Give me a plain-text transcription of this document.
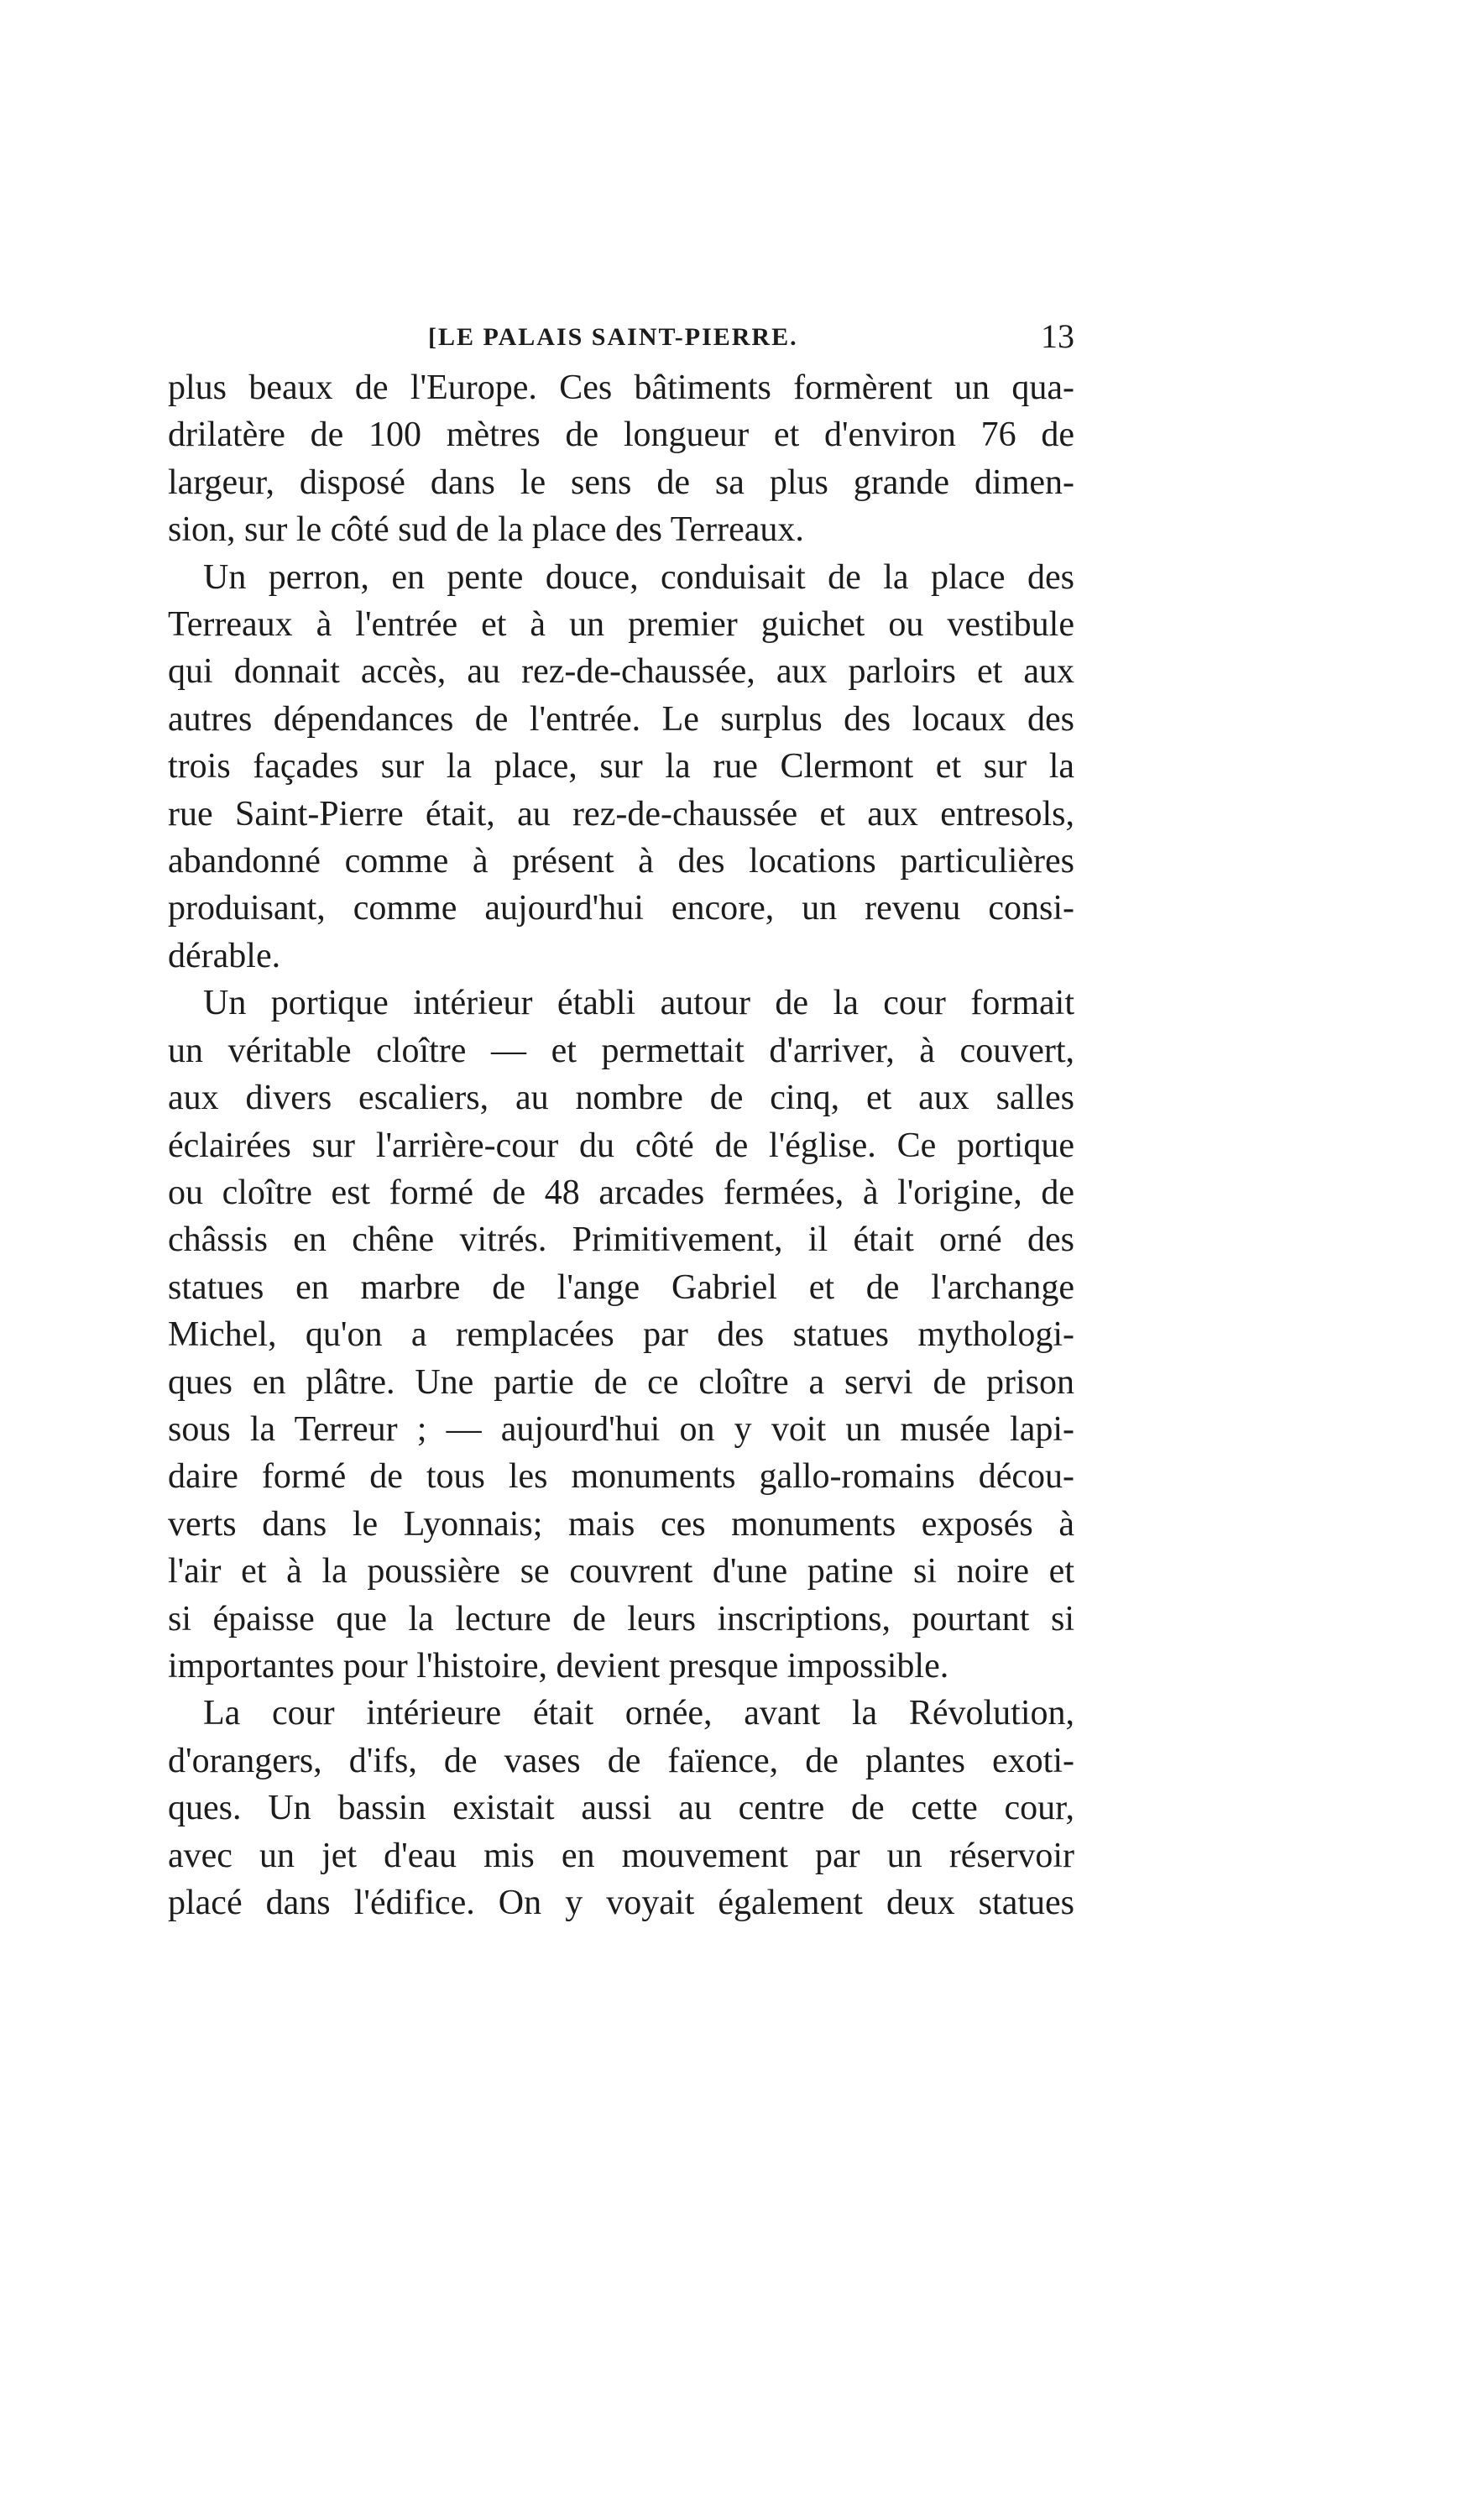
[LE PALAIS SAINT-PIERRE.	13

plus beaux de l'Europe. Ces bâtiments formèrent un qua-
drilatère de 100 mètres de longueur et d'environ 76 de
largeur, disposé dans le sens de sa plus grande dimen-
sion, sur le côté sud de la place des Terreaux.

Un perron, en pente douce, conduisait de la place des
Terreaux à l'entrée et à un premier guichet ou vestibule
qui donnait accès, au rez-de-chaussée, aux parloirs et aux
autres dépendances de l'entrée. Le surplus des locaux des
trois façades sur la place, sur la rue Clermont et sur la
rue Saint-Pierre était, au rez-de-chaussée et aux entresols,
abandonné comme à présent à des locations particulières
produisant, comme aujourd'hui encore, un revenu consi-
dérable.

Un portique intérieur établi autour de la cour formait
un véritable cloître — et permettait d'arriver, à couvert,
aux divers escaliers, au nombre de cinq, et aux salles
éclairées sur l'arrière-cour du côté de l'église. Ce portique
ou cloître est formé de 48 arcades fermées, à l'origine, de
châssis en chêne vitrés. Primitivement, il était orné des
statues en marbre de l'ange Gabriel et de l'archange
Michel, qu'on a remplacées par des statues mythologi-
ques en plâtre. Une partie de ce cloître a servi de prison
sous la Terreur ; — aujourd'hui on y voit un musée lapi-
daire formé de tous les monuments gallo-romains décou-
verts dans le Lyonnais; mais ces monuments exposés à
l'air et à la poussière se couvrent d'une patine si noire et
si épaisse que la lecture de leurs inscriptions, pourtant si
importantes pour l'histoire, devient presque impossible.

La cour intérieure était ornée, avant la Révolution,
d'orangers, d'ifs, de vases de faïence, de plantes exoti-
ques. Un bassin existait aussi au centre de cette cour,
avec un jet d'eau mis en mouvement par un réservoir
placé dans l'édifice. On y voyait également deux statues
